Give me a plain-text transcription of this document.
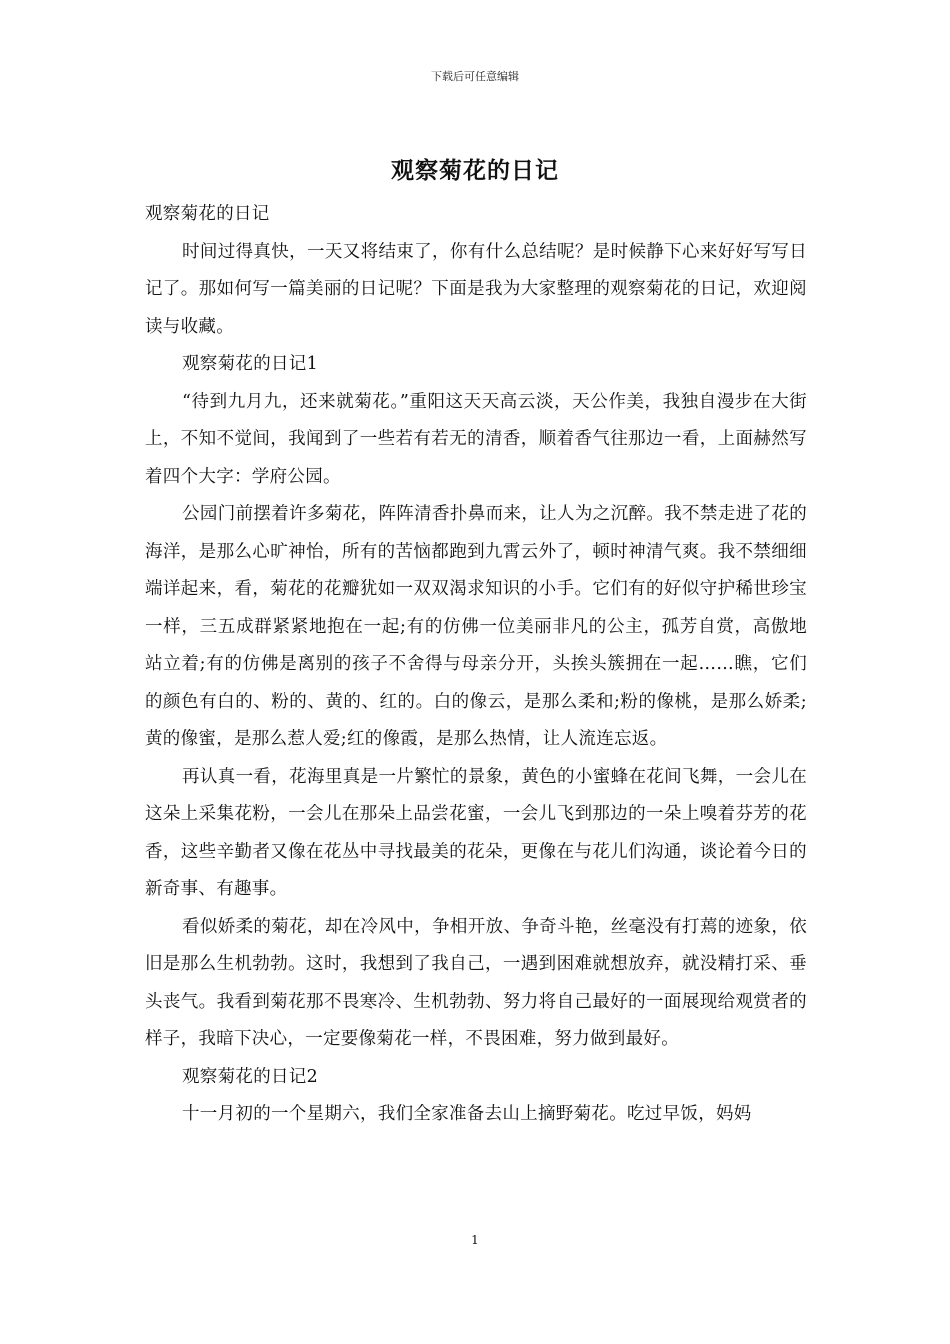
下载后可任意编辑
观察菊花的日记

观察菊花的日记

时间过得真快，一天又将结束了，你有什么总结呢？是时候静下心来好好写写日记了。那如何写一篇美丽的日记呢？下面是我为大家整理的观察菊花的日记，欢迎阅读与收藏。

观察菊花的日记1

“待到九月九，还来就菊花。”重阳这天天高云淡，天公作美，我独自漫步在大街上，不知不觉间，我闻到了一些若有若无的清香，顺着香气往那边一看，上面赫然写着四个大字：学府公园。

公园门前摆着许多菊花，阵阵清香扑鼻而来，让人为之沉醉。我不禁走进了花的海洋，是那么心旷神怡，所有的苦恼都跑到九霄云外了，顿时神清气爽。我不禁细细端详起来，看，菊花的花瓣犹如一双双渴求知识的小手。它们有的好似守护稀世珍宝一样，三五成群紧紧地抱在一起;有的仿佛一位美丽非凡的公主，孤芳自赏，高傲地站立着;有的仿佛是离别的孩子不舍得与母亲分开，头挨头簇拥在一起……瞧，它们的颜色有白的、粉的、黄的、红的。白的像云，是那么柔和;粉的像桃，是那么娇柔;黄的像蜜，是那么惹人爱;红的像霞，是那么热情，让人流连忘返。

再认真一看，花海里真是一片繁忙的景象，黄色的小蜜蜂在花间飞舞，一会儿在这朵上采集花粉，一会儿在那朵上品尝花蜜，一会儿飞到那边的一朵上嗅着芬芳的花香，这些辛勤者又像在花丛中寻找最美的花朵，更像在与花儿们沟通，谈论着今日的新奇事、有趣事。

看似娇柔的菊花，却在冷风中，争相开放、争奇斗艳，丝毫没有打蔫的迹象，依旧是那么生机勃勃。这时，我想到了我自己，一遇到困难就想放弃，就没精打采、垂头丧气。我看到菊花那不畏寒冷、生机勃勃、努力将自己最好的一面展现给观赏者的样子，我暗下决心，一定要像菊花一样，不畏困难，努力做到最好。

观察菊花的日记2

十一月初的一个星期六，我们全家准备去山上摘野菊花。吃过早饭，妈妈

1
